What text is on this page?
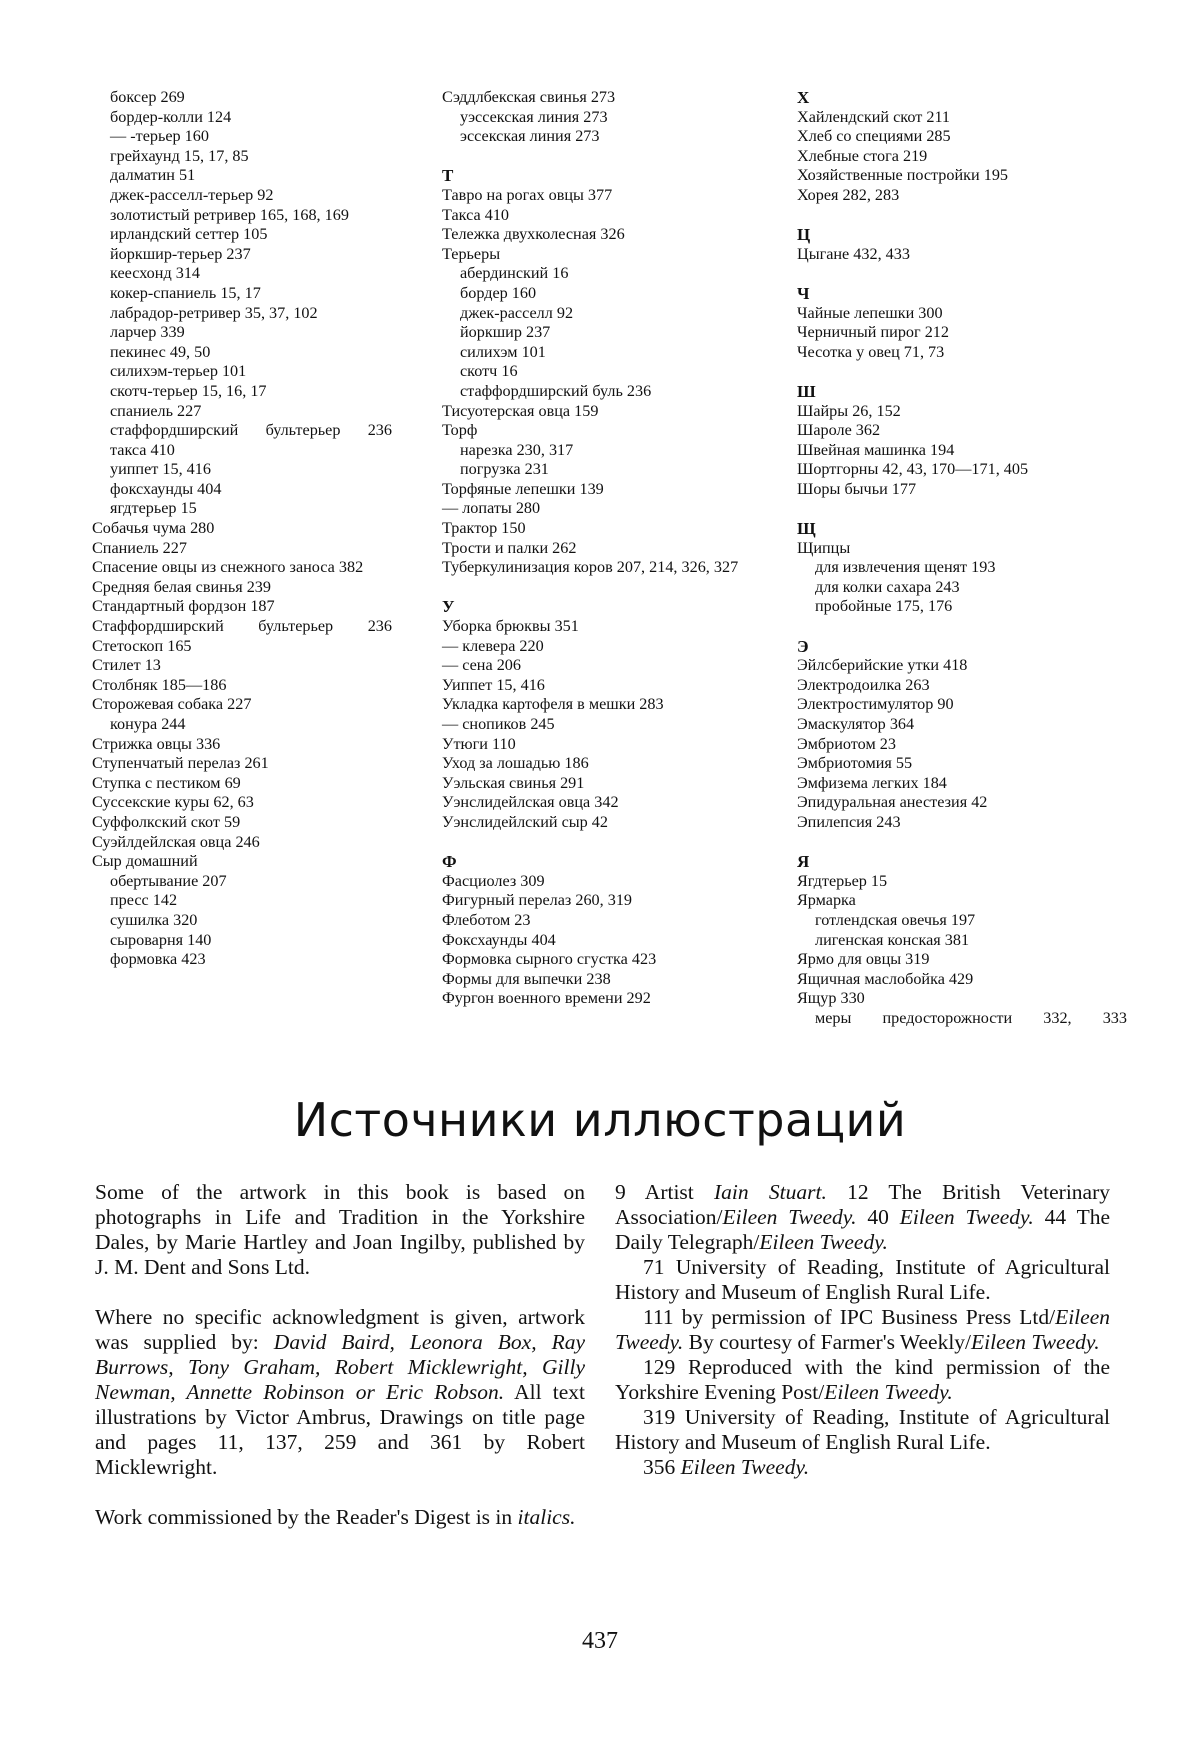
боксер 269
бордер-колли 124
— -терьер 160
грейхаунд 15, 17, 85
далматин 51
джек-расселл-терьер 92
золотистый ретривер 165, 168, 169
ирландский сеттер 105
йоркшир-терьер 237
кеесхонд 314
кокер-спаниель 15, 17
лабрадор-ретривер 35, 37, 102
ларчер 339
пекинес 49, 50
силихэм-терьер 101
скотч-терьер 15, 16, 17
спаниель 227
стаффордширский бультерьер 236
такса 410
уиппет 15, 416
фоксхаунды 404
ягдтерьер 15
Собачья чума 280
Спаниель 227
Спасение овцы из снежного заноса 382
Средняя белая свинья 239
Стандартный фордзон 187
Стаффордширский бультерьер 236
Стетоскоп 165
Стилет 13
Столбняк 185—186
Сторожевая собака 227
конура 244
Стрижка овцы 336
Ступенчатый перелаз 261
Ступка с пестиком 69
Суссекские куры 62, 63
Суффолкский скот 59
Суэйлдейлская овца 246
Сыр домашний
обертывание 207
пресс 142
сушилка 320
сыроварня 140
формовка 423
Сэддлбекская свинья 273
уэссекская линия 273
эссекская линия 273
Т
Тавро на рогах овцы 377
Такса 410
Тележка двухколесная 326
Терьеры
абердинский 16
бордер 160
джек-расселл 92
йоркшир 237
силихэм 101
скотч 16
стаффордширский буль 236
Тисуотерская овца 159
Торф
нарезка 230, 317
погрузка 231
Торфяные лепешки 139
— лопаты 280
Трактор 150
Трости и палки 262
Туберкулинизация коров 207, 214, 326, 327
У
Уборка брюквы 351
— клевера 220
— сена 206
Уиппет 15, 416
Укладка картофеля в мешки 283
— снопиков 245
Утюги 110
Уход за лошадью 186
Уэльская свинья 291
Уэнслидейлская овца 342
Уэнслидейлский сыр 42
Ф
Фасциолез 309
Фигурный перелаз 260, 319
Флеботом 23
Фоксхаунды 404
Формовка сырного сгустка 423
Формы для выпечки 238
Фургон военного времени 292
Х
Хайлендский скот 211
Хлеб со специями 285
Хлебные стога 219
Хозяйственные постройки 195
Хорея 282, 283
Ц
Цыгане 432, 433
Ч
Чайные лепешки 300
Черничный пирог 212
Чесотка у овец 71, 73
Ш
Шайры 26, 152
Шароле 362
Швейная машинка 194
Шортгорны 42, 43, 170—171, 405
Шоры бычьи 177
Щ
Щипцы
для извлечения щенят 193
для колки сахара 243
пробойные 175, 176
Э
Эйлсберийские утки 418
Электродоилка 263
Электростимулятор 90
Эмаскулятор 364
Эмбриотом 23
Эмбриотомия 55
Эмфизема легких 184
Эпидуральная анестезия 42
Эпилепсия 243
Я
Ягдтерьер 15
Ярмарка
готлендская овечья 197
лигенская конская 381
Ярмо для овцы 319
Ящичная маслобойка 429
Ящур 330
меры предосторожности 332, 333
Источники иллюстраций

Some of the artwork in this book is based on photographs in Life and Tradition in the Yorkshire Dales, by Marie Hartley and Joan Ingilby, published by J. M. Dent and Sons Ltd.

Where no specific acknowledgment is given, artwork was supplied by: David Baird, Leonora Box, Ray Burrows, Tony Graham, Robert Micklewright, Gilly Newman, Annette Robinson or Eric Robson. All text illustrations by Victor Ambrus, Drawings on title page and pages 11, 137, 259 and 361 by Robert Micklewright.

Work commissioned by the Reader's Digest is in italics.

9 Artist Iain Stuart. 12 The British Veterinary Association/Eileen Tweedy. 40 Eileen Tweedy. 44 The Daily Telegraph/Eileen Tweedy.

71 University of Reading, Institute of Agricultural History and Museum of English Rural Life.

111 by permission of IPC Business Press Ltd/Eileen Tweedy. By courtesy of Farmer's Weekly/Eileen Tweedy.

129 Reproduced with the kind permission of the Yorkshire Evening Post/Eileen Tweedy.

319 University of Reading, Institute of Agricultural History and Museum of English Rural Life.

356 Eileen Tweedy.

437
